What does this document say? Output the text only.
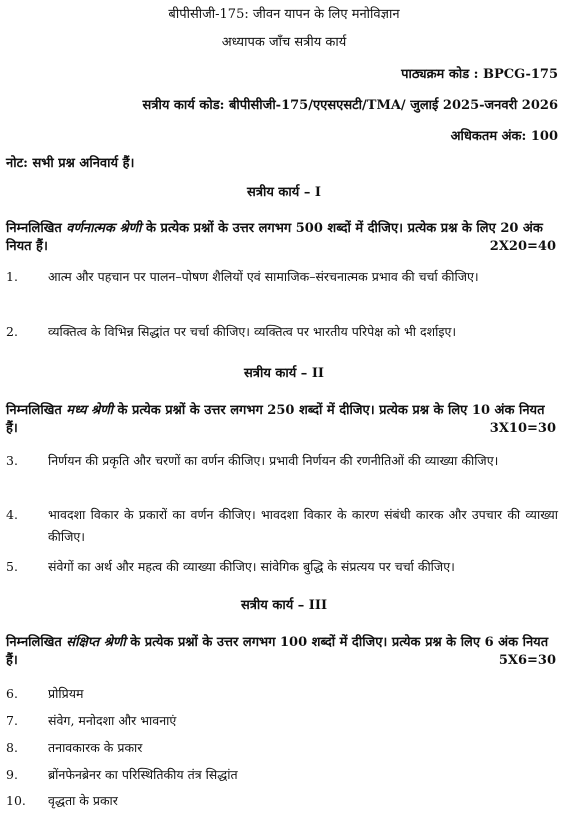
बीपीसीजी-175: जीवन यापन के लिए मनोविज्ञान
अध्यापक जाँच सत्रीय कार्य
पाठ्यक्रम कोड : BPCG-175
सत्रीय कार्य कोड: बीपीसीजी-175/एएसएसटी/TMA/ जुलाई 2025-जनवरी 2026
अधिकतम अंक: 100
नोट: सभी प्रश्न अनिवार्य हैं।
सत्रीय कार्य – I
निम्नलिखित वर्णनात्मक श्रेणी के प्रत्येक प्रश्नों के उत्तर लगभग 500 शब्दों में दीजिए। प्रत्येक प्रश्न के लिए 20 अंक नियत हैं।	2X20=40
1.	आत्म और पहचान पर पालन–पोषण शैलियों एवं सामाजिक–संरचनात्मक प्रभाव की चर्चा कीजिए।
2.	व्यक्तित्व के विभिन्न सिद्धांत पर चर्चा कीजिए। व्यक्तित्व पर भारतीय परिपेक्ष को भी दर्शाइए।
सत्रीय कार्य – II
निम्नलिखित मध्य श्रेणी के प्रत्येक प्रश्नों के उत्तर लगभग 250 शब्दों में दीजिए। प्रत्येक प्रश्न के लिए 10 अंक नियत हैं।	3X10=30
3.	निर्णयन की प्रकृति और चरणों का वर्णन कीजिए। प्रभावी निर्णयन की रणनीतिओं की व्याख्या कीजिए।
4.	भावदशा विकार के प्रकारों का वर्णन कीजिए। भावदशा विकार के कारण संबंधी कारक और उपचार की व्याख्या कीजिए।
5.	संवेगों का अर्थ और महत्व की व्याख्या कीजिए। सांवेगिक बुद्धि के संप्रत्यय पर चर्चा कीजिए।
सत्रीय कार्य – III
निम्नलिखित संक्षिप्त श्रेणी के प्रत्येक प्रश्नों के उत्तर लगभग 100 शब्दों में दीजिए। प्रत्येक प्रश्न के लिए 6 अंक नियत हैं।	5X6=30
6.	प्रोप्रियम
7.	संवेग, मनोदशा और भावनाएं
8.	तनावकारक के प्रकार
9.	ब्रोंनफेनब्रेनर का परिस्थितिकीय तंत्र सिद्धांत
10.	वृद्धता के प्रकार
